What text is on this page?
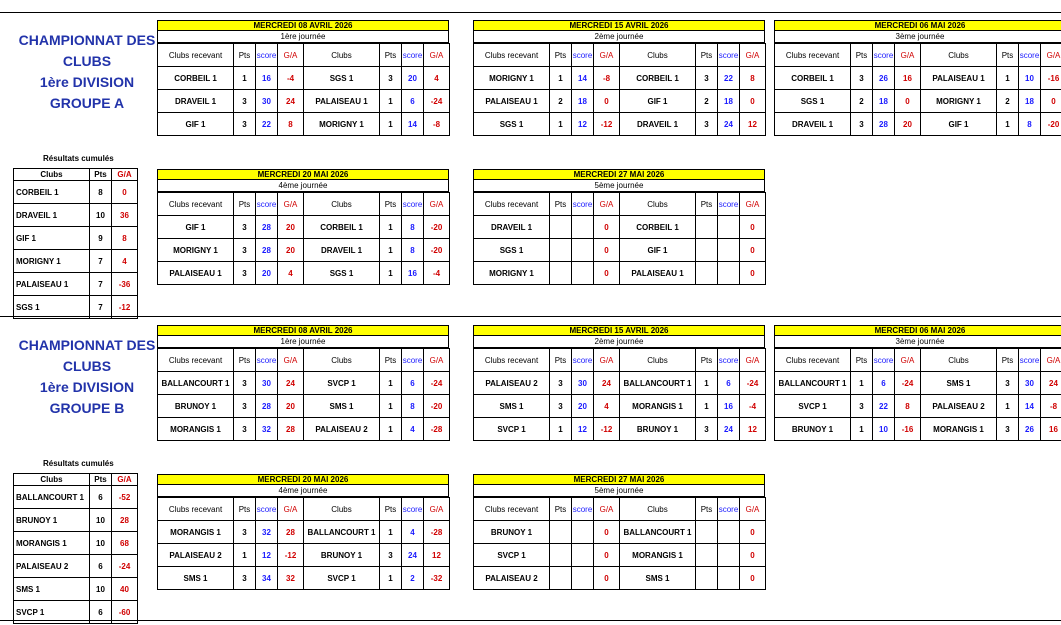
CHAMPIONNAT DES
CLUBS
1ère DIVISION
GROUPE A
MERCREDI 08 AVRIL 2026
1ère journée
Clubs recevant	Pts	score	G/A	Clubs	Pts	score	G/A
CORBEIL 1	1	16	-4	SGS 1	3	20	4
DRAVEIL 1	3	30	24	PALAISEAU 1	1	6	-24
GIF 1	3	22	8	MORIGNY 1	1	14	-8
MERCREDI 15 AVRIL 2026
2ème journée
Clubs recevant	Pts	score	G/A	Clubs	Pts	score	G/A
MORIGNY 1	1	14	-8	CORBEIL 1	3	22	8
PALAISEAU 1	2	18	0	GIF 1	2	18	0
SGS 1	1	12	-12	DRAVEIL 1	3	24	12
MERCREDI 06 MAI 2026
3ème journée
Clubs recevant	Pts	score	G/A	Clubs	Pts	score	G/A
CORBEIL 1	3	26	16	PALAISEAU 1	1	10	-16
SGS 1	2	18	0	MORIGNY 1	2	18	0
DRAVEIL 1	3	28	20	GIF 1	1	8	-20
MERCREDI 20 MAI 2026
4ème journée
Clubs recevant	Pts	score	G/A	Clubs	Pts	score	G/A
GIF 1	3	28	20	CORBEIL 1	1	8	-20
MORIGNY 1	3	28	20	DRAVEIL 1	1	8	-20
PALAISEAU 1	3	20	4	SGS 1	1	16	-4
MERCREDI 27 MAI 2026
5ème journée
Clubs recevant	Pts	score	G/A	Clubs	Pts	score	G/A
DRAVEIL 1			0	CORBEIL 1			0
SGS 1			0	GIF 1			0
MORIGNY 1			0	PALAISEAU 1			0
Résultats cumulés
Clubs	Pts	G/A
CORBEIL 1	8	0
DRAVEIL 1	10	36
GIF 1	9	8
MORIGNY 1	7	4
PALAISEAU 1	7	-36
SGS 1	7	-12
CHAMPIONNAT DES
CLUBS
1ère DIVISION
GROUPE B
MERCREDI 08 AVRIL 2026
1ère journée
Clubs recevant	Pts	score	G/A	Clubs	Pts	score	G/A
BALLANCOURT 1	3	30	24	SVCP 1	1	6	-24
BRUNOY 1	3	28	20	SMS 1	1	8	-20
MORANGIS 1	3	32	28	PALAISEAU 2	1	4	-28
MERCREDI 15 AVRIL 2026
2ème journée
Clubs recevant	Pts	score	G/A	Clubs	Pts	score	G/A
PALAISEAU 2	3	30	24	BALLANCOURT 1	1	6	-24
SMS 1	3	20	4	MORANGIS 1	1	16	-4
SVCP 1	1	12	-12	BRUNOY 1	3	24	12
MERCREDI 06 MAI 2026
3ème journée
Clubs recevant	Pts	score	G/A	Clubs	Pts	score	G/A
BALLANCOURT 1	1	6	-24	SMS 1	3	30	24
SVCP 1	3	22	8	PALAISEAU 2	1	14	-8
BRUNOY 1	1	10	-16	MORANGIS 1	3	26	16
MERCREDI 20 MAI 2026
4ème journée
Clubs recevant	Pts	score	G/A	Clubs	Pts	score	G/A
MORANGIS 1	3	32	28	BALLANCOURT 1	1	4	-28
PALAISEAU 2	1	12	-12	BRUNOY 1	3	24	12
SMS 1	3	34	32	SVCP 1	1	2	-32
MERCREDI 27 MAI 2026
5ème journée
Clubs recevant	Pts	score	G/A	Clubs	Pts	score	G/A
BRUNOY 1			0	BALLANCOURT 1			0
SVCP 1			0	MORANGIS 1			0
PALAISEAU 2			0	SMS 1			0
Résultats cumulés
Clubs	Pts	G/A
BALLANCOURT 1	6	-52
BRUNOY 1	10	28
MORANGIS 1	10	68
PALAISEAU 2	6	-24
SMS 1	10	40
SVCP 1	6	-60
